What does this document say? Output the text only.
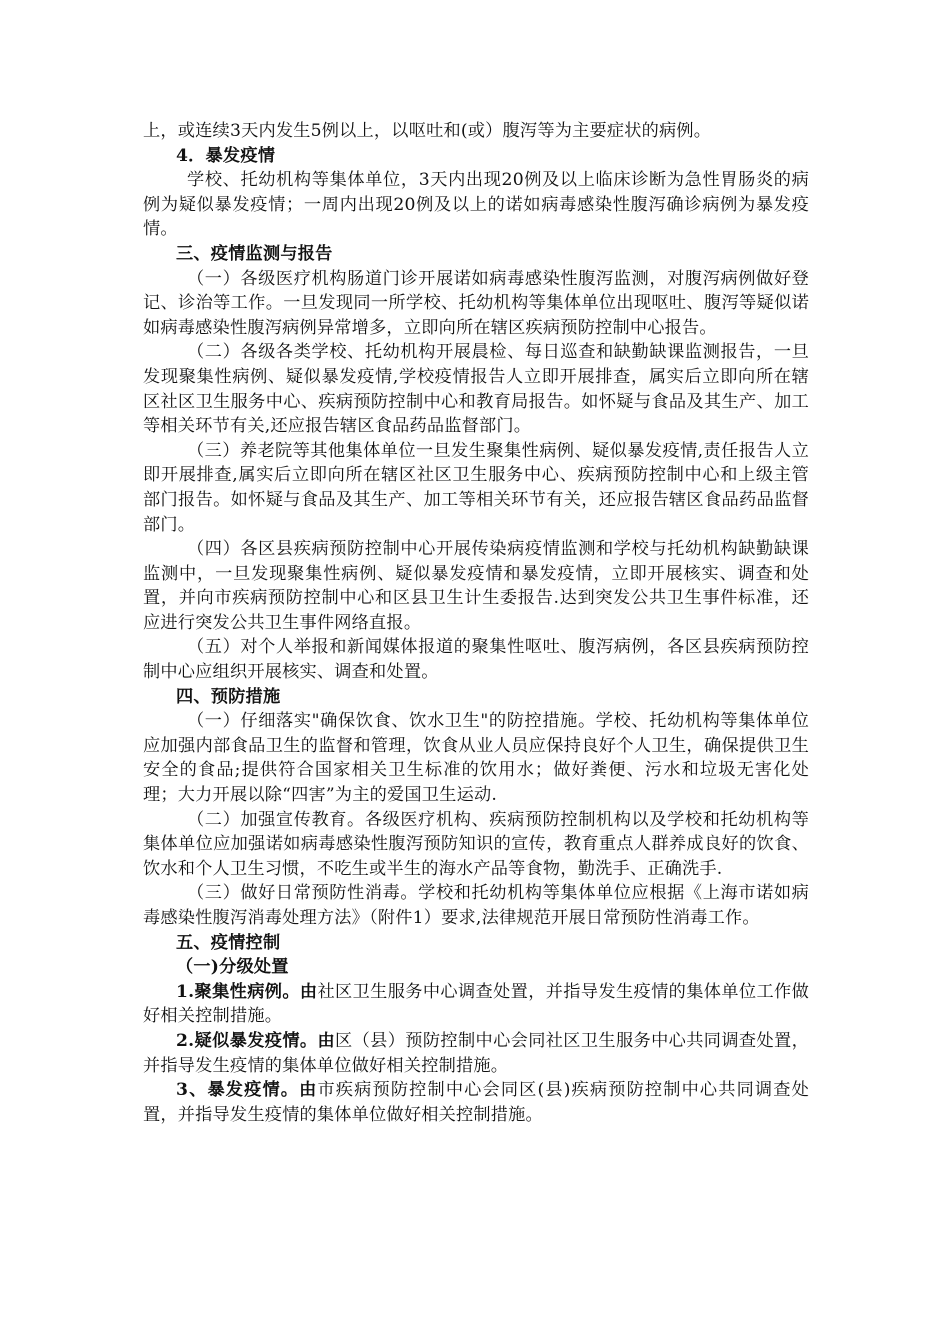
上，或连续3天内发生5例以上，以呕吐和(或）腹泻等为主要症状的病例。

4．暴发疫情

学校、托幼机构等集体单位，3天内出现20例及以上临床诊断为急性胃肠炎的病例为疑似暴发疫情；一周内出现20例及以上的诺如病毒感染性腹泻确诊病例为暴发疫情。

三、疫情监测与报告

（一）各级医疗机构肠道门诊开展诺如病毒感染性腹泻监测，对腹泻病例做好登记、诊治等工作。一旦发现同一所学校、托幼机构等集体单位出现呕吐、腹泻等疑似诺如病毒感染性腹泻病例异常增多，立即向所在辖区疾病预防控制中心报告。

（二）各级各类学校、托幼机构开展晨检、每日巡查和缺勤缺课监测报告，一旦发现聚集性病例、疑似暴发疫情,学校疫情报告人立即开展排查，属实后立即向所在辖区社区卫生服务中心、疾病预防控制中心和教育局报告。如怀疑与食品及其生产、加工等相关环节有关,还应报告辖区食品药品监督部门。

（三）养老院等其他集体单位一旦发生聚集性病例、疑似暴发疫情,责任报告人立即开展排查,属实后立即向所在辖区社区卫生服务中心、疾病预防控制中心和上级主管部门报告。如怀疑与食品及其生产、加工等相关环节有关，还应报告辖区食品药品监督部门。

（四）各区县疾病预防控制中心开展传染病疫情监测和学校与托幼机构缺勤缺课监测中，一旦发现聚集性病例、疑似暴发疫情和暴发疫情，立即开展核实、调查和处置，并向市疾病预防控制中心和区县卫生计生委报告.达到突发公共卫生事件标准，还应进行突发公共卫生事件网络直报。

（五）对个人举报和新闻媒体报道的聚集性呕吐、腹泻病例，各区县疾病预防控制中心应组织开展核实、调查和处置。

四、预防措施

（一）仔细落实"确保饮食、饮水卫生"的防控措施。学校、托幼机构等集体单位应加强内部食品卫生的监督和管理，饮食从业人员应保持良好个人卫生，确保提供卫生安全的食品;提供符合国家相关卫生标准的饮用水；做好粪便、污水和垃圾无害化处理；大力开展以除“四害”为主的爱国卫生运动.

（二）加强宣传教育。各级医疗机构、疾病预防控制机构以及学校和托幼机构等集体单位应加强诺如病毒感染性腹泻预防知识的宣传，教育重点人群养成良好的饮食、饮水和个人卫生习惯，不吃生或半生的海水产品等食物，勤洗手、正确洗手.

（三）做好日常预防性消毒。学校和托幼机构等集体单位应根据《上海市诺如病毒感染性腹泻消毒处理方法》（附件1）要求,法律规范开展日常预防性消毒工作。

五、疫情控制

（一)分级处置

1.聚集性病例。由社区卫生服务中心调查处置，并指导发生疫情的集体单位工作做好相关控制措施。

2.疑似暴发疫情。由区（县）预防控制中心会同社区卫生服务中心共同调查处置，并指导发生疫情的集体单位做好相关控制措施。

3、暴发疫情。由市疾病预防控制中心会同区(县)疾病预防控制中心共同调查处置，并指导发生疫情的集体单位做好相关控制措施。
